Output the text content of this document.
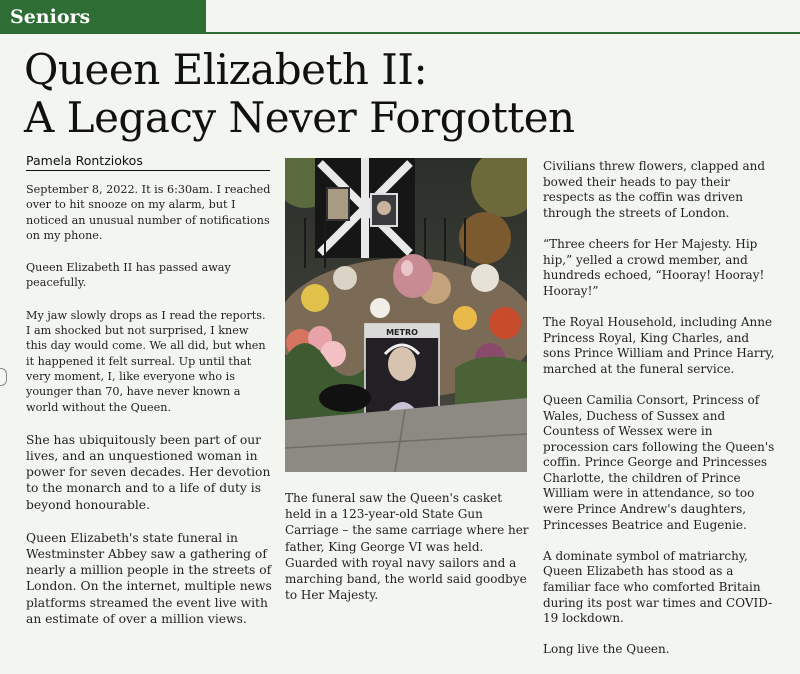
Seniors
Queen Elizabeth II:
A Legacy Never Forgotten
Pamela Rontziokos

September 8, 2022. It is 6:30am. I reached over to hit snooze on my alarm, but I noticed an unusual number of notifications on my phone.

Queen Elizabeth II has passed away peacefully.

My jaw slowly drops as I read the reports. I am shocked but not surprised, I knew this day would come. We all did, but when it happened it felt surreal. Up until that very moment, I, like everyone who is younger than 70, have never known a world without the Queen.

She has ubiquitously been part of our lives, and an unquestioned woman in power for seven decades. Her devotion to the monarch and to a life of duty is beyond honourable.

Queen Elizabeth's state funeral in Westminster Abbey saw a gathering of nearly a million people in the streets of London. On the internet, multiple news platforms streamed the event live with an estimate of over a million views.

METRO

The funeral saw the Queen's casket held in a 123-year-old State Gun Carriage – the same carriage where her father, King George VI was held. Guarded with royal navy sailors and a marching band, the world said goodbye to Her Majesty.

Civilians threw flowers, clapped and bowed their heads to pay their respects as the coffin was driven through the streets of London.

“Three cheers for Her Majesty. Hip hip,” yelled a crowd member, and hundreds echoed, “Hooray! Hooray! Hooray!”

The Royal Household, including Anne Princess Royal, King Charles, and sons Prince William and Prince Harry, marched at the funeral service.

Queen Camilia Consort, Princess of Wales, Duchess of Sussex and Countess of Wessex were in procession cars following the Queen's coffin. Prince George and Princesses Charlotte, the children of Prince William were in attendance, so too were Prince Andrew's daughters, Princesses Beatrice and Eugenie.

A dominate symbol of matriarchy, Queen Elizabeth has stood as a familiar face who comforted Britain during its post war times and COVID-19 lockdown.

Long live the Queen.
